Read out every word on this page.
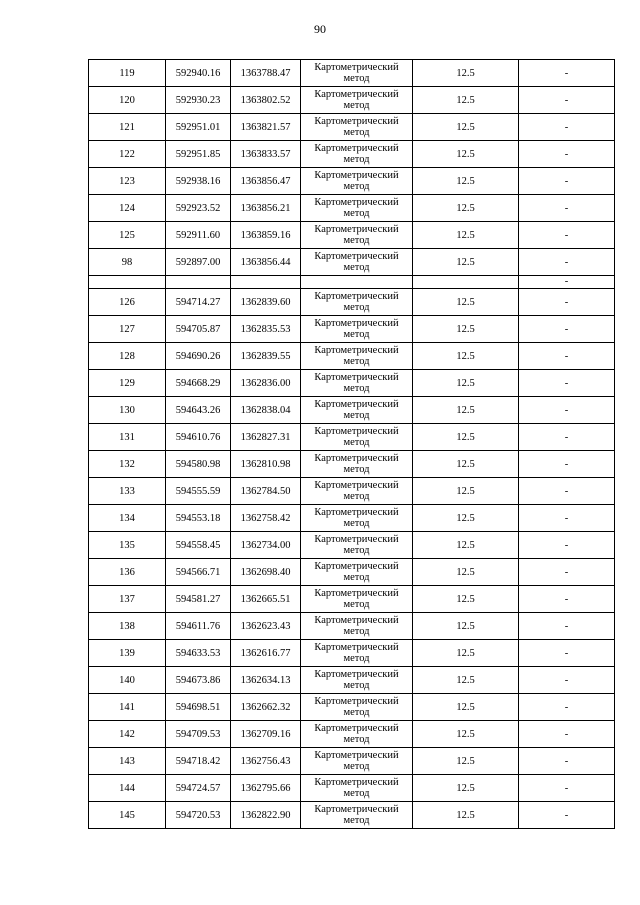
90
119	592940.16	1363788.47	Картометрический
метод	12.5	-
120	592930.23	1363802.52	Картометрический
метод	12.5	-
121	592951.01	1363821.57	Картометрический
метод	12.5	-
122	592951.85	1363833.57	Картометрический
метод	12.5	-
123	592938.16	1363856.47	Картометрический
метод	12.5	-
124	592923.52	1363856.21	Картометрический
метод	12.5	-
125	592911.60	1363859.16	Картометрический
метод	12.5	-
98	592897.00	1363856.44	Картометрический
метод	12.5	-
					-
126	594714.27	1362839.60	Картометрический
метод	12.5	-
127	594705.87	1362835.53	Картометрический
метод	12.5	-
128	594690.26	1362839.55	Картометрический
метод	12.5	-
129	594668.29	1362836.00	Картометрический
метод	12.5	-
130	594643.26	1362838.04	Картометрический
метод	12.5	-
131	594610.76	1362827.31	Картометрический
метод	12.5	-
132	594580.98	1362810.98	Картометрический
метод	12.5	-
133	594555.59	1362784.50	Картометрический
метод	12.5	-
134	594553.18	1362758.42	Картометрический
метод	12.5	-
135	594558.45	1362734.00	Картометрический
метод	12.5	-
136	594566.71	1362698.40	Картометрический
метод	12.5	-
137	594581.27	1362665.51	Картометрический
метод	12.5	-
138	594611.76	1362623.43	Картометрический
метод	12.5	-
139	594633.53	1362616.77	Картометрический
метод	12.5	-
140	594673.86	1362634.13	Картометрический
метод	12.5	-
141	594698.51	1362662.32	Картометрический
метод	12.5	-
142	594709.53	1362709.16	Картометрический
метод	12.5	-
143	594718.42	1362756.43	Картометрический
метод	12.5	-
144	594724.57	1362795.66	Картометрический
метод	12.5	-
145	594720.53	1362822.90	Картометрический
метод	12.5	-
